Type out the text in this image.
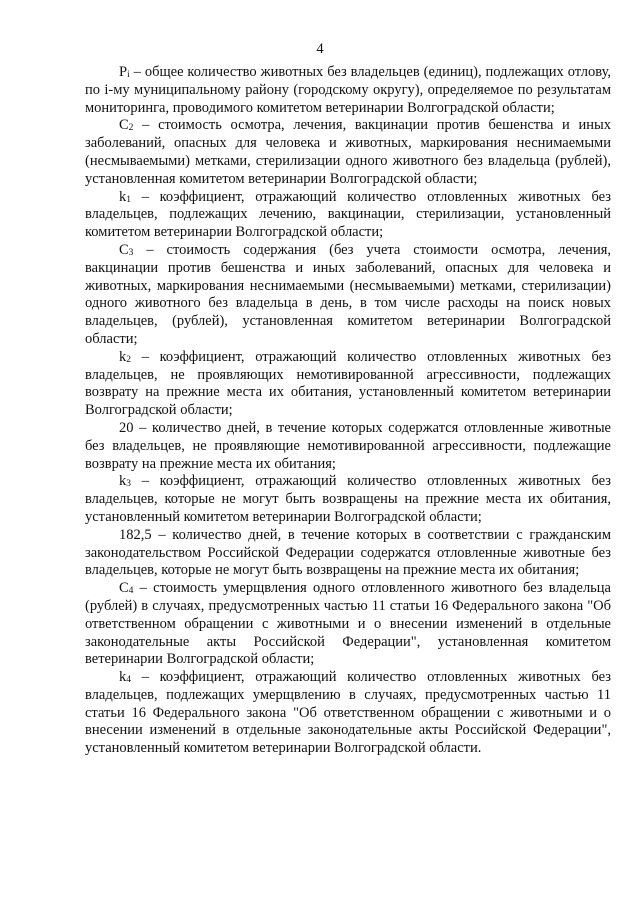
4

$P_i$ – общее количество животных без владельцев (единиц), подлежащих отлову, по i-му муниципальному району (городскому округу), определяемое по результатам мониторинга, проводимого комитетом ветеринарии Волгоградской области;

$C_2$ – стоимость осмотра, лечения, вакцинации против бешенства и иных заболеваний, опасных для человека и животных, маркирования неснимаемыми (несмываемыми) метками, стерилизации одного животного без владельца (рублей), установленная комитетом ветеринарии Волгоградской области;

$k_1$ – коэффициент, отражающий количество отловленных животных без владельцев, подлежащих лечению, вакцинации, стерилизации, установленный комитетом ветеринарии Волгоградской области;

$C_3$ – стоимость содержания (без учета стоимости осмотра, лечения, вакцинации против бешенства и иных заболеваний, опасных для человека и животных, маркирования неснимаемыми (несмываемыми) метками, стерилизации) одного животного без владельца в день, в том числе расходы на поиск новых владельцев, (рублей), установленная комитетом ветеринарии Волгоградской области;

$k_2$ – коэффициент, отражающий количество отловленных животных без владельцев, не проявляющих немотивированной агрессивности, подлежащих возврату на прежние места их обитания, установленный комитетом ветеринарии Волгоградской области;

20 – количество дней, в течение которых содержатся отловленные животные без владельцев, не проявляющие немотивированной агрессивности, подлежащие возврату на прежние места их обитания;

$k_3$ – коэффициент, отражающий количество отловленных животных без владельцев, которые не могут быть возвращены на прежние места их обитания, установленный комитетом ветеринарии Волгоградской области;

182,5 – количество дней, в течение которых в соответствии с гражданским законодательством Российской Федерации содержатся отловленные животные без владельцев, которые не могут быть возвращены на прежние места их обитания;

$C_4$ – стоимость умерщвления одного отловленного животного без владельца (рублей) в случаях, предусмотренных частью 11 статьи 16 Федерального закона "Об ответственном обращении с животными и о внесении изменений в отдельные законодательные акты Российской Федерации", установленная комитетом ветеринарии Волгоградской области;

$k_4$ – коэффициент, отражающий количество отловленных животных без владельцев, подлежащих умерщвлению в случаях, предусмотренных частью 11 статьи 16 Федерального закона "Об ответственном обращении с животными и о внесении изменений в отдельные законодательные акты Российской Федерации", установленный комитетом ветеринарии Волгоградской области.
